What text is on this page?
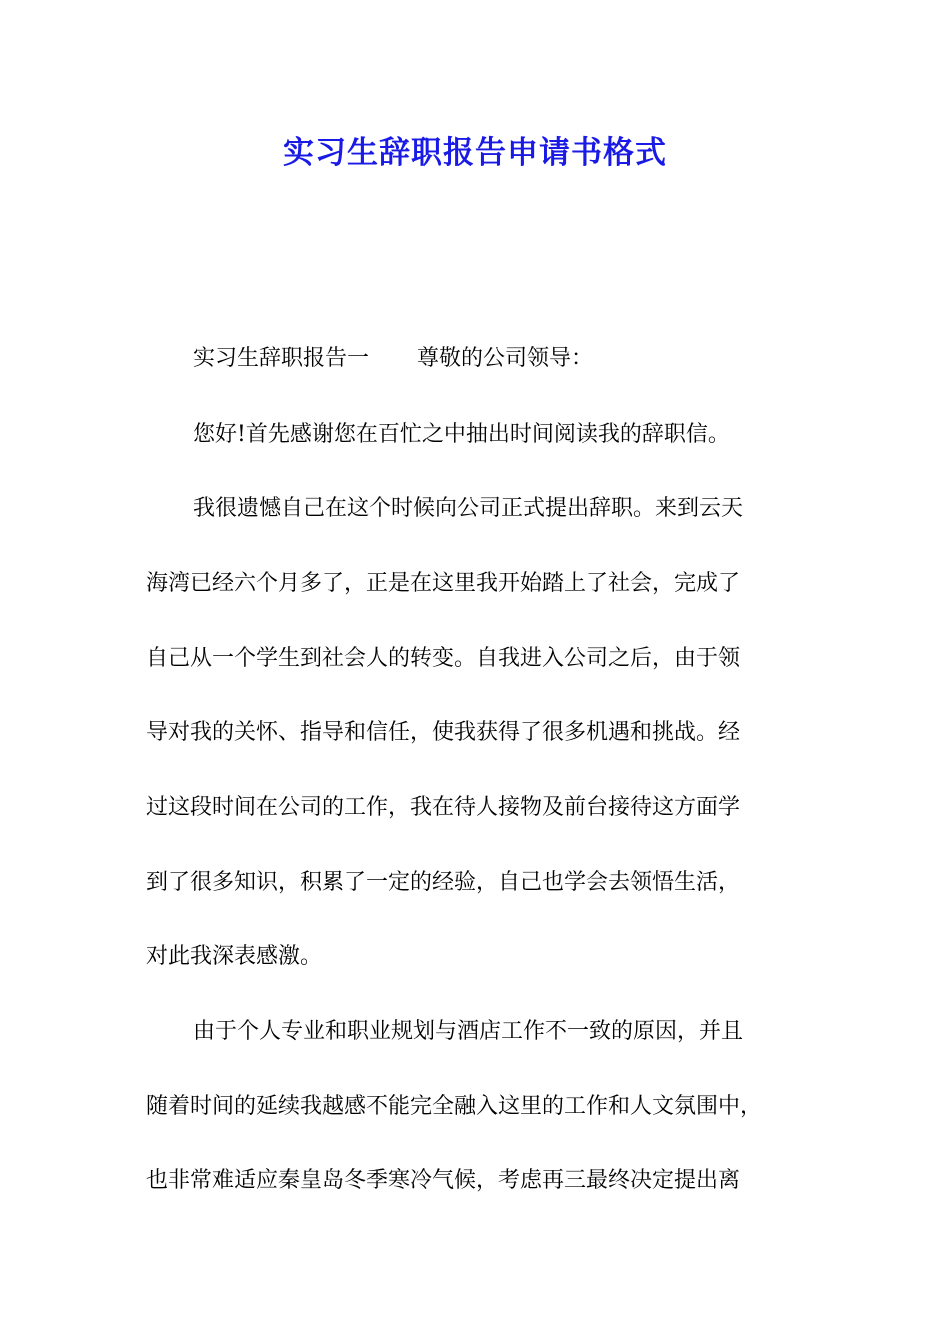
实习生辞职报告申请书格式
实习生辞职报告一 尊敬的公司领导：
您好!首先感谢您在百忙之中抽出时间阅读我的辞职信。
我很遗憾自己在这个时候向公司正式提出辞职。来到云天
海湾已经六个月多了，正是在这里我开始踏上了社会，完成了
自己从一个学生到社会人的转变。自我进入公司之后，由于领
导对我的关怀、指导和信任，使我获得了很多机遇和挑战。经
过这段时间在公司的工作，我在待人接物及前台接待这方面学
到了很多知识，积累了一定的经验，自己也学会去领悟生活，
对此我深表感激。
由于个人专业和职业规划与酒店工作不一致的原因，并且
随着时间的延续我越感不能完全融入这里的工作和人文氛围中，
也非常难适应秦皇岛冬季寒冷气候，考虑再三最终决定提出离
